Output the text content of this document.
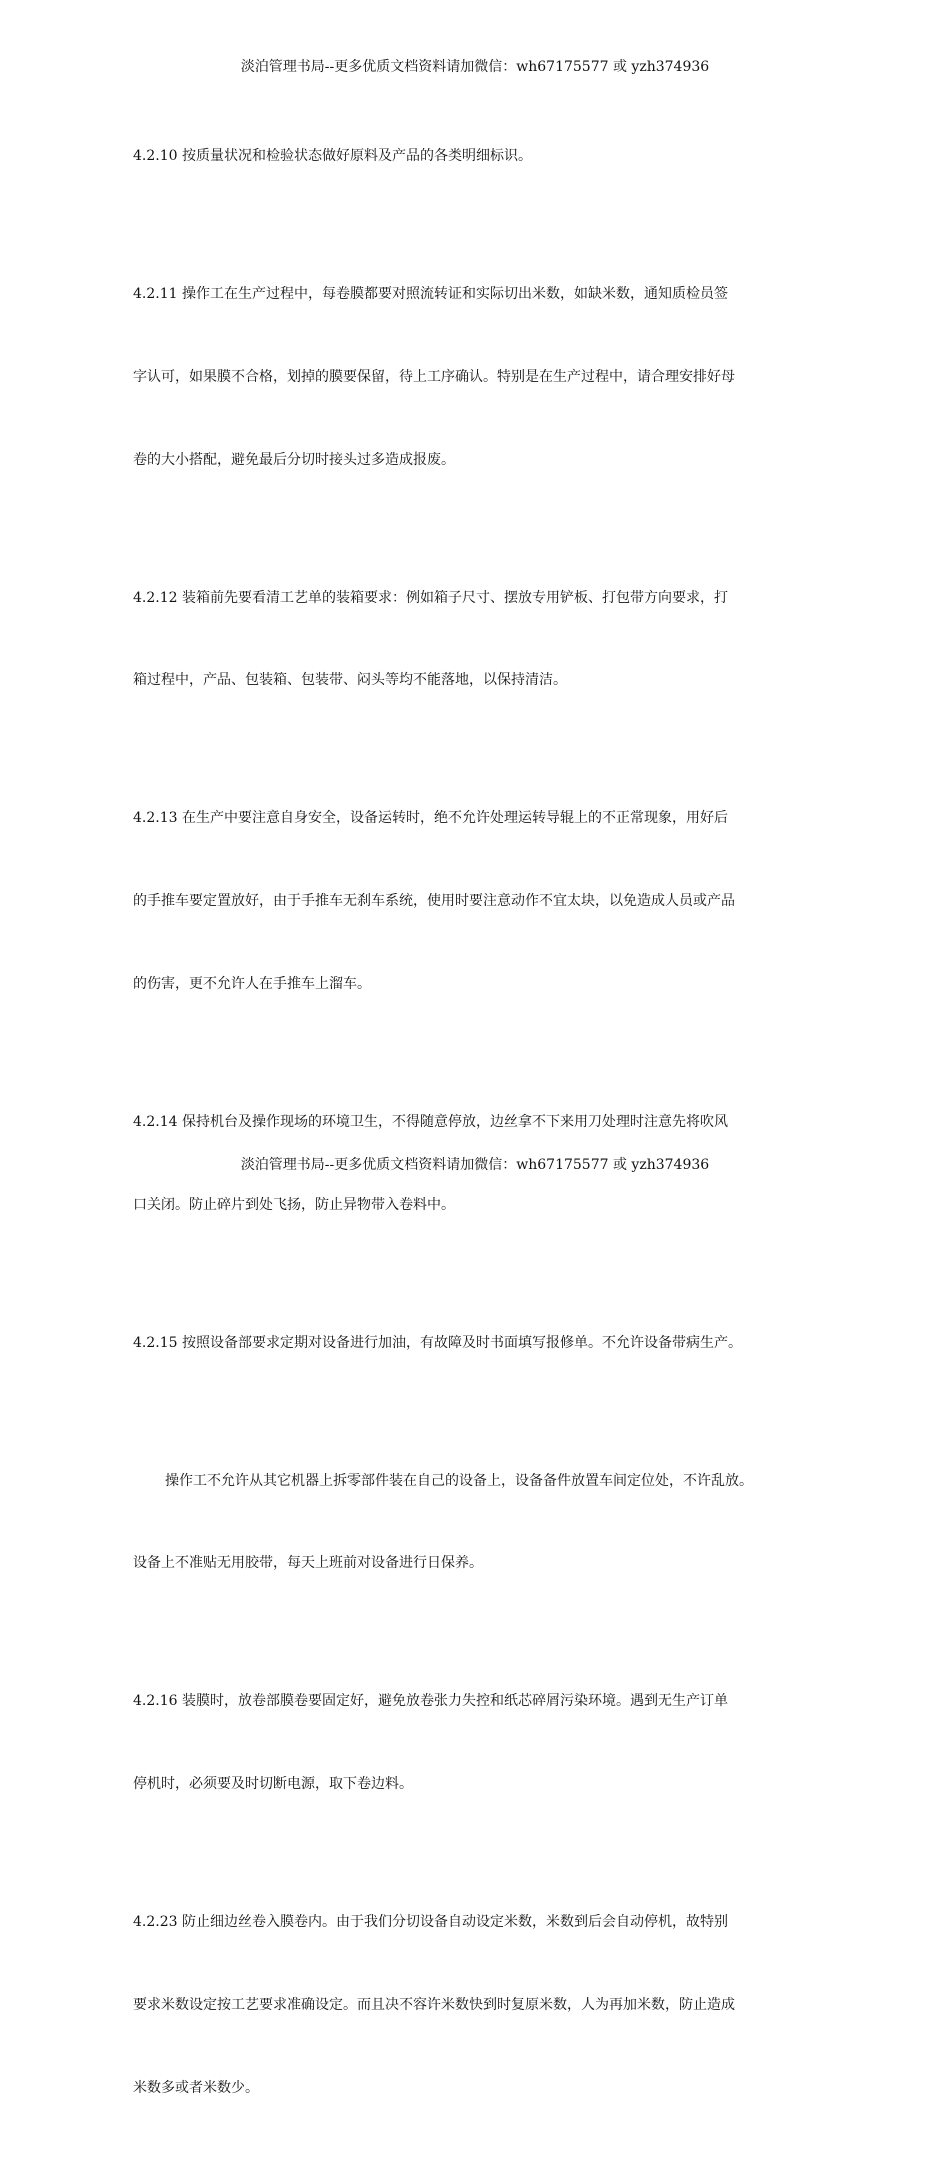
淡泊管理书局--更多优质文档资料请加微信：wh67175577 或 yzh374936

4.2.10 按质量状况和检验状态做好原料及产品的各类明细标识。

4.2.11 操作工在生产过程中，每卷膜都要对照流转证和实际切出米数，如缺米数，通知质检员签

字认可，如果膜不合格，划掉的膜要保留，待上工序确认。特别是在生产过程中，请合理安排好母

卷的大小搭配，避免最后分切时接头过多造成报废。

4.2.12 装箱前先要看清工艺单的装箱要求：例如箱子尺寸、摆放专用铲板、打包带方向要求，打

箱过程中，产品、包装箱、包装带、闷头等均不能落地，以保持清洁。

4.2.13 在生产中要注意自身安全，设备运转时，绝不允许处理运转导辊上的不正常现象，用好后

的手推车要定置放好，由于手推车无刹车系统，使用时要注意动作不宜太块，以免造成人员或产品

的伤害，更不允许人在手推车上溜车。

4.2.14 保持机台及操作现场的环境卫生，不得随意停放，边丝拿不下来用刀处理时注意先将吹风

口关闭。防止碎片到处飞扬，防止异物带入卷料中。

4.2.15 按照设备部要求定期对设备进行加油，有故障及时书面填写报修单。不允许设备带病生产。

操作工不允许从其它机器上拆零部件装在自己的设备上，设备备件放置车间定位处，不许乱放。

设备上不准贴无用胶带，每天上班前对设备进行日保养。

4.2.16 装膜时，放卷部膜卷要固定好，避免放卷张力失控和纸芯碎屑污染环境。遇到无生产订单

停机时，必须要及时切断电源，取下卷边料。

4.2.23 防止细边丝卷入膜卷内。由于我们分切设备自动设定米数，米数到后会自动停机，故特别

要求米数设定按工艺要求准确设定。而且决不容许米数快到时复原米数，人为再加米数，防止造成

米数多或者米数少。

淡泊管理书局--更多优质文档资料请加微信：wh67175577 或 yzh374936
